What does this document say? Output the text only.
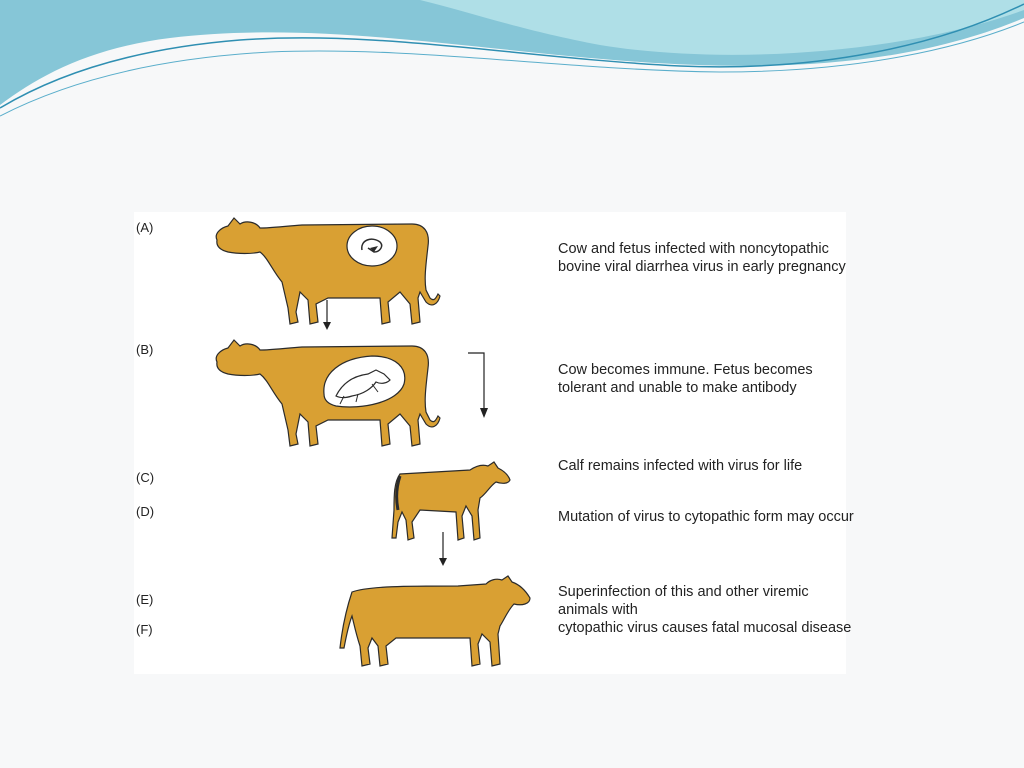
(A)
(B)
(C)
(D)
(E)
(F)
Cow and fetus infected with noncytopathic bovine viral diarrhea virus in early pregnancy
Cow becomes immune. Fetus becomes tolerant and unable to make antibody
Calf remains infected with virus for life
Mutation of virus to cytopathic form may occur
Superinfection of this and other viremic animals with
cytopathic virus causes fatal mucosal disease
